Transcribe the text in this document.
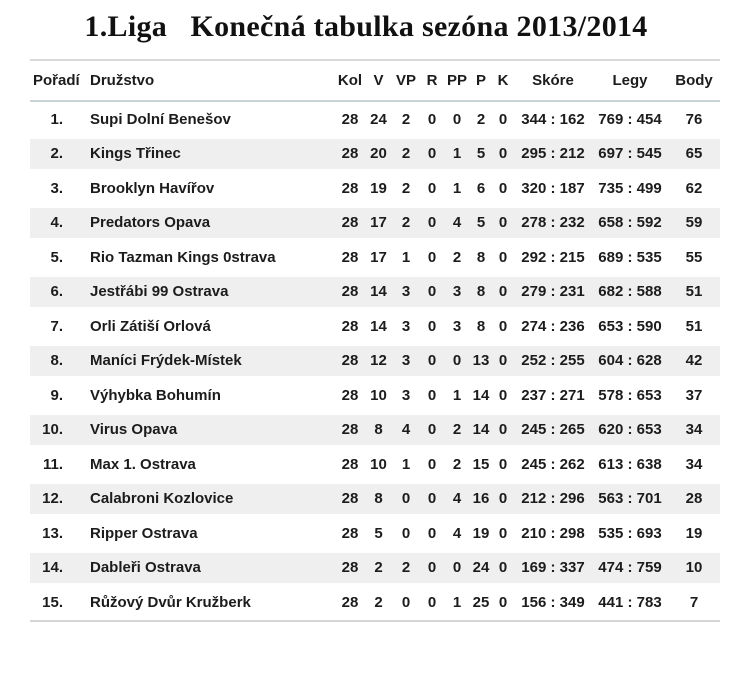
1.Liga   Konečná tabulka sezóna 2013/2014
Pořadí	Družstvo	Kol	V	VP	R	PP	P	K	Skóre	Legy	Body
1.	Supi Dolní Benešov	28	24	2	0	0	2	0	344 : 162	769 : 454	76
2.	Kings Třinec	28	20	2	0	1	5	0	295 : 212	697 : 545	65
3.	Brooklyn Havířov	28	19	2	0	1	6	0	320 : 187	735 : 499	62
4.	Predators Opava	28	17	2	0	4	5	0	278 : 232	658 : 592	59
5.	Rio Tazman Kings 0strava	28	17	1	0	2	8	0	292 : 215	689 : 535	55
6.	Jestřábi 99 Ostrava	28	14	3	0	3	8	0	279 : 231	682 : 588	51
7.	Orli Zátiší Orlová	28	14	3	0	3	8	0	274 : 236	653 : 590	51
8.	Maníci Frýdek-Místek	28	12	3	0	0	13	0	252 : 255	604 : 628	42
9.	Výhybka Bohumín	28	10	3	0	1	14	0	237 : 271	578 : 653	37
10.	Virus Opava	28	8	4	0	2	14	0	245 : 265	620 : 653	34
11.	Max 1. Ostrava	28	10	1	0	2	15	0	245 : 262	613 : 638	34
12.	Calabroni Kozlovice	28	8	0	0	4	16	0	212 : 296	563 : 701	28
13.	Ripper Ostrava	28	5	0	0	4	19	0	210 : 298	535 : 693	19
14.	Dableři Ostrava	28	2	2	0	0	24	0	169 : 337	474 : 759	10
15.	Růžový Dvůr Kružberk	28	2	0	0	1	25	0	156 : 349	441 : 783	7
